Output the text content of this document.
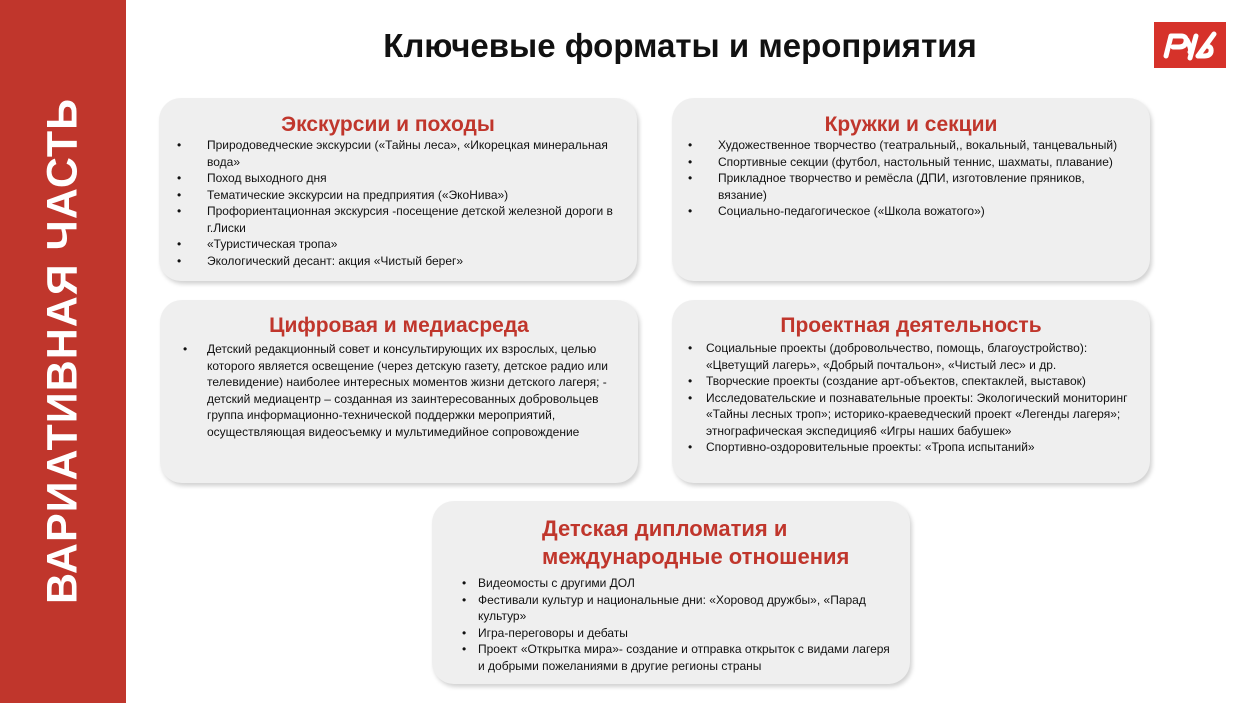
ВАРИАТИВНАЯ ЧАСТЬ
Ключевые форматы и мероприятия
Экскурсии и походы
• Природоведческие экскурсии («Тайны леса», «Икорецкая минеральная вода»
• Поход выходного дня
• Тематические экскурсии на предприятия («ЭкоНива»)
• Профориентационная экскурсия -посещение детской железной дороги в г.Лиски
• «Туристическая тропа»
• Экологический десант: акция «Чистый берег»
Кружки и секции
• Художественное творчество (театральный,, вокальный, танцевальный)
• Спортивные секции (футбол, настольный теннис, шахматы, плавание)
• Прикладное творчество и ремёсла (ДПИ, изготовление пряников, вязание)
• Социально-педагогическое («Школа вожатого»)
Цифровая и медиасреда
• Детский редакционный совет и консультирующих их взрослых, целью которого является освещение (через детскую газету, детское радио или телевидение) наиболее интересных моментов жизни детского лагеря; - детский медиацентр – созданная из заинтересованных добровольцев группа информационно-технической поддержки мероприятий, осуществляющая видеосъемку и мультимедийное сопровождение
Проектная деятельность
• Социальные проекты (добровольчество, помощь, благоустройство): «Цветущий лагерь», «Добрый почтальон», «Чистый лес» и др.
• Творческие проекты (создание арт-объектов, спектаклей, выставок)
• Исследовательские и познавательные проекты: Экологический мониторинг «Тайны лесных троп»; историко-краеведческий проект «Легенды лагеря»; этнографическая экспедиция6 «Игры наших бабушек»
• Спортивно-оздоровительные проекты: «Тропа испытаний»
Детская дипломатия и
международные отношения
• Видеомосты с другими ДОЛ
• Фестивали культур и национальные дни: «Хоровод дружбы», «Парад культур»
• Игра-переговоры и дебаты
• Проект «Открытка мира»- создание и отправка открыток с видами лагеря и добрыми пожеланиями в другие регионы страны
